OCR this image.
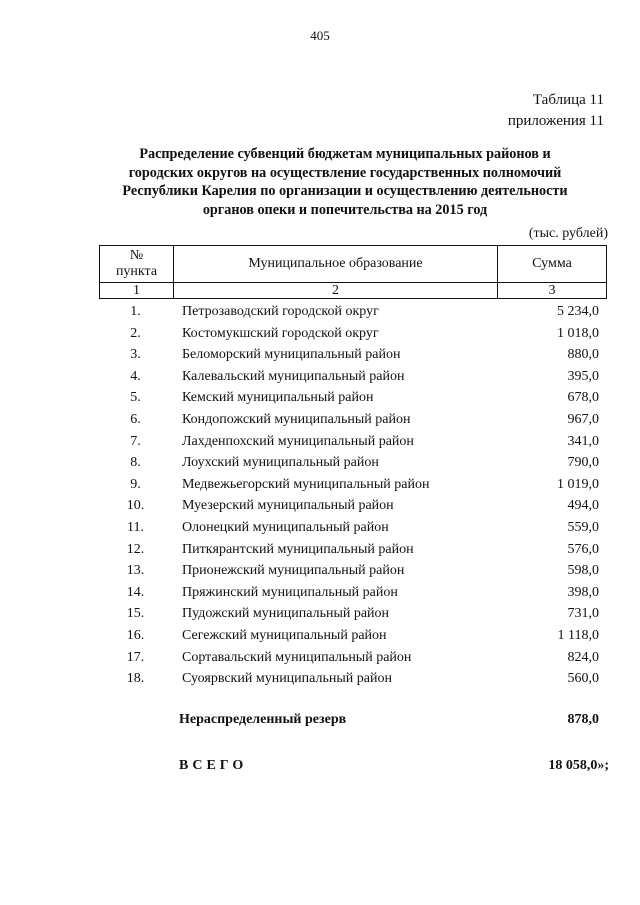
405
Таблица 11
приложения 11
Распределение субвенций бюджетам муниципальных районов и
городских округов на осуществление государственных полномочий
Республики Карелия по организации и осуществлению деятельности
органов опеки и попечительства на 2015 год
(тыс. рублей)
№
пункта	Муниципальное образование	Сумма
1	2	3
1.	Петрозаводский городской округ	5 234,0
2.	Костомукшский городской округ	1 018,0
3.	Беломорский муниципальный район	880,0
4.	Калевальский муниципальный район	395,0
5.	Кемский муниципальный район	678,0
6.	Кондопожский муниципальный район	967,0
7.	Лахденпохский муниципальный район	341,0
8.	Лоухский муниципальный район	790,0
9.	Медвежьегорский муниципальный район	1 019,0
10.	Муезерский муниципальный район	494,0
11.	Олонецкий муниципальный район	559,0
12.	Питкярантский муниципальный район	576,0
13.	Прионежский муниципальный район	598,0
14.	Пряжинский муниципальный район	398,0
15.	Пудожский муниципальный район	731,0
16.	Сегежский муниципальный район	1 118,0
17.	Сортавальский муниципальный район	824,0
18.	Суоярвский муниципальный район	560,0
Нераспределенный резерв	878,0
ВСЕГО	18 058,0»;
